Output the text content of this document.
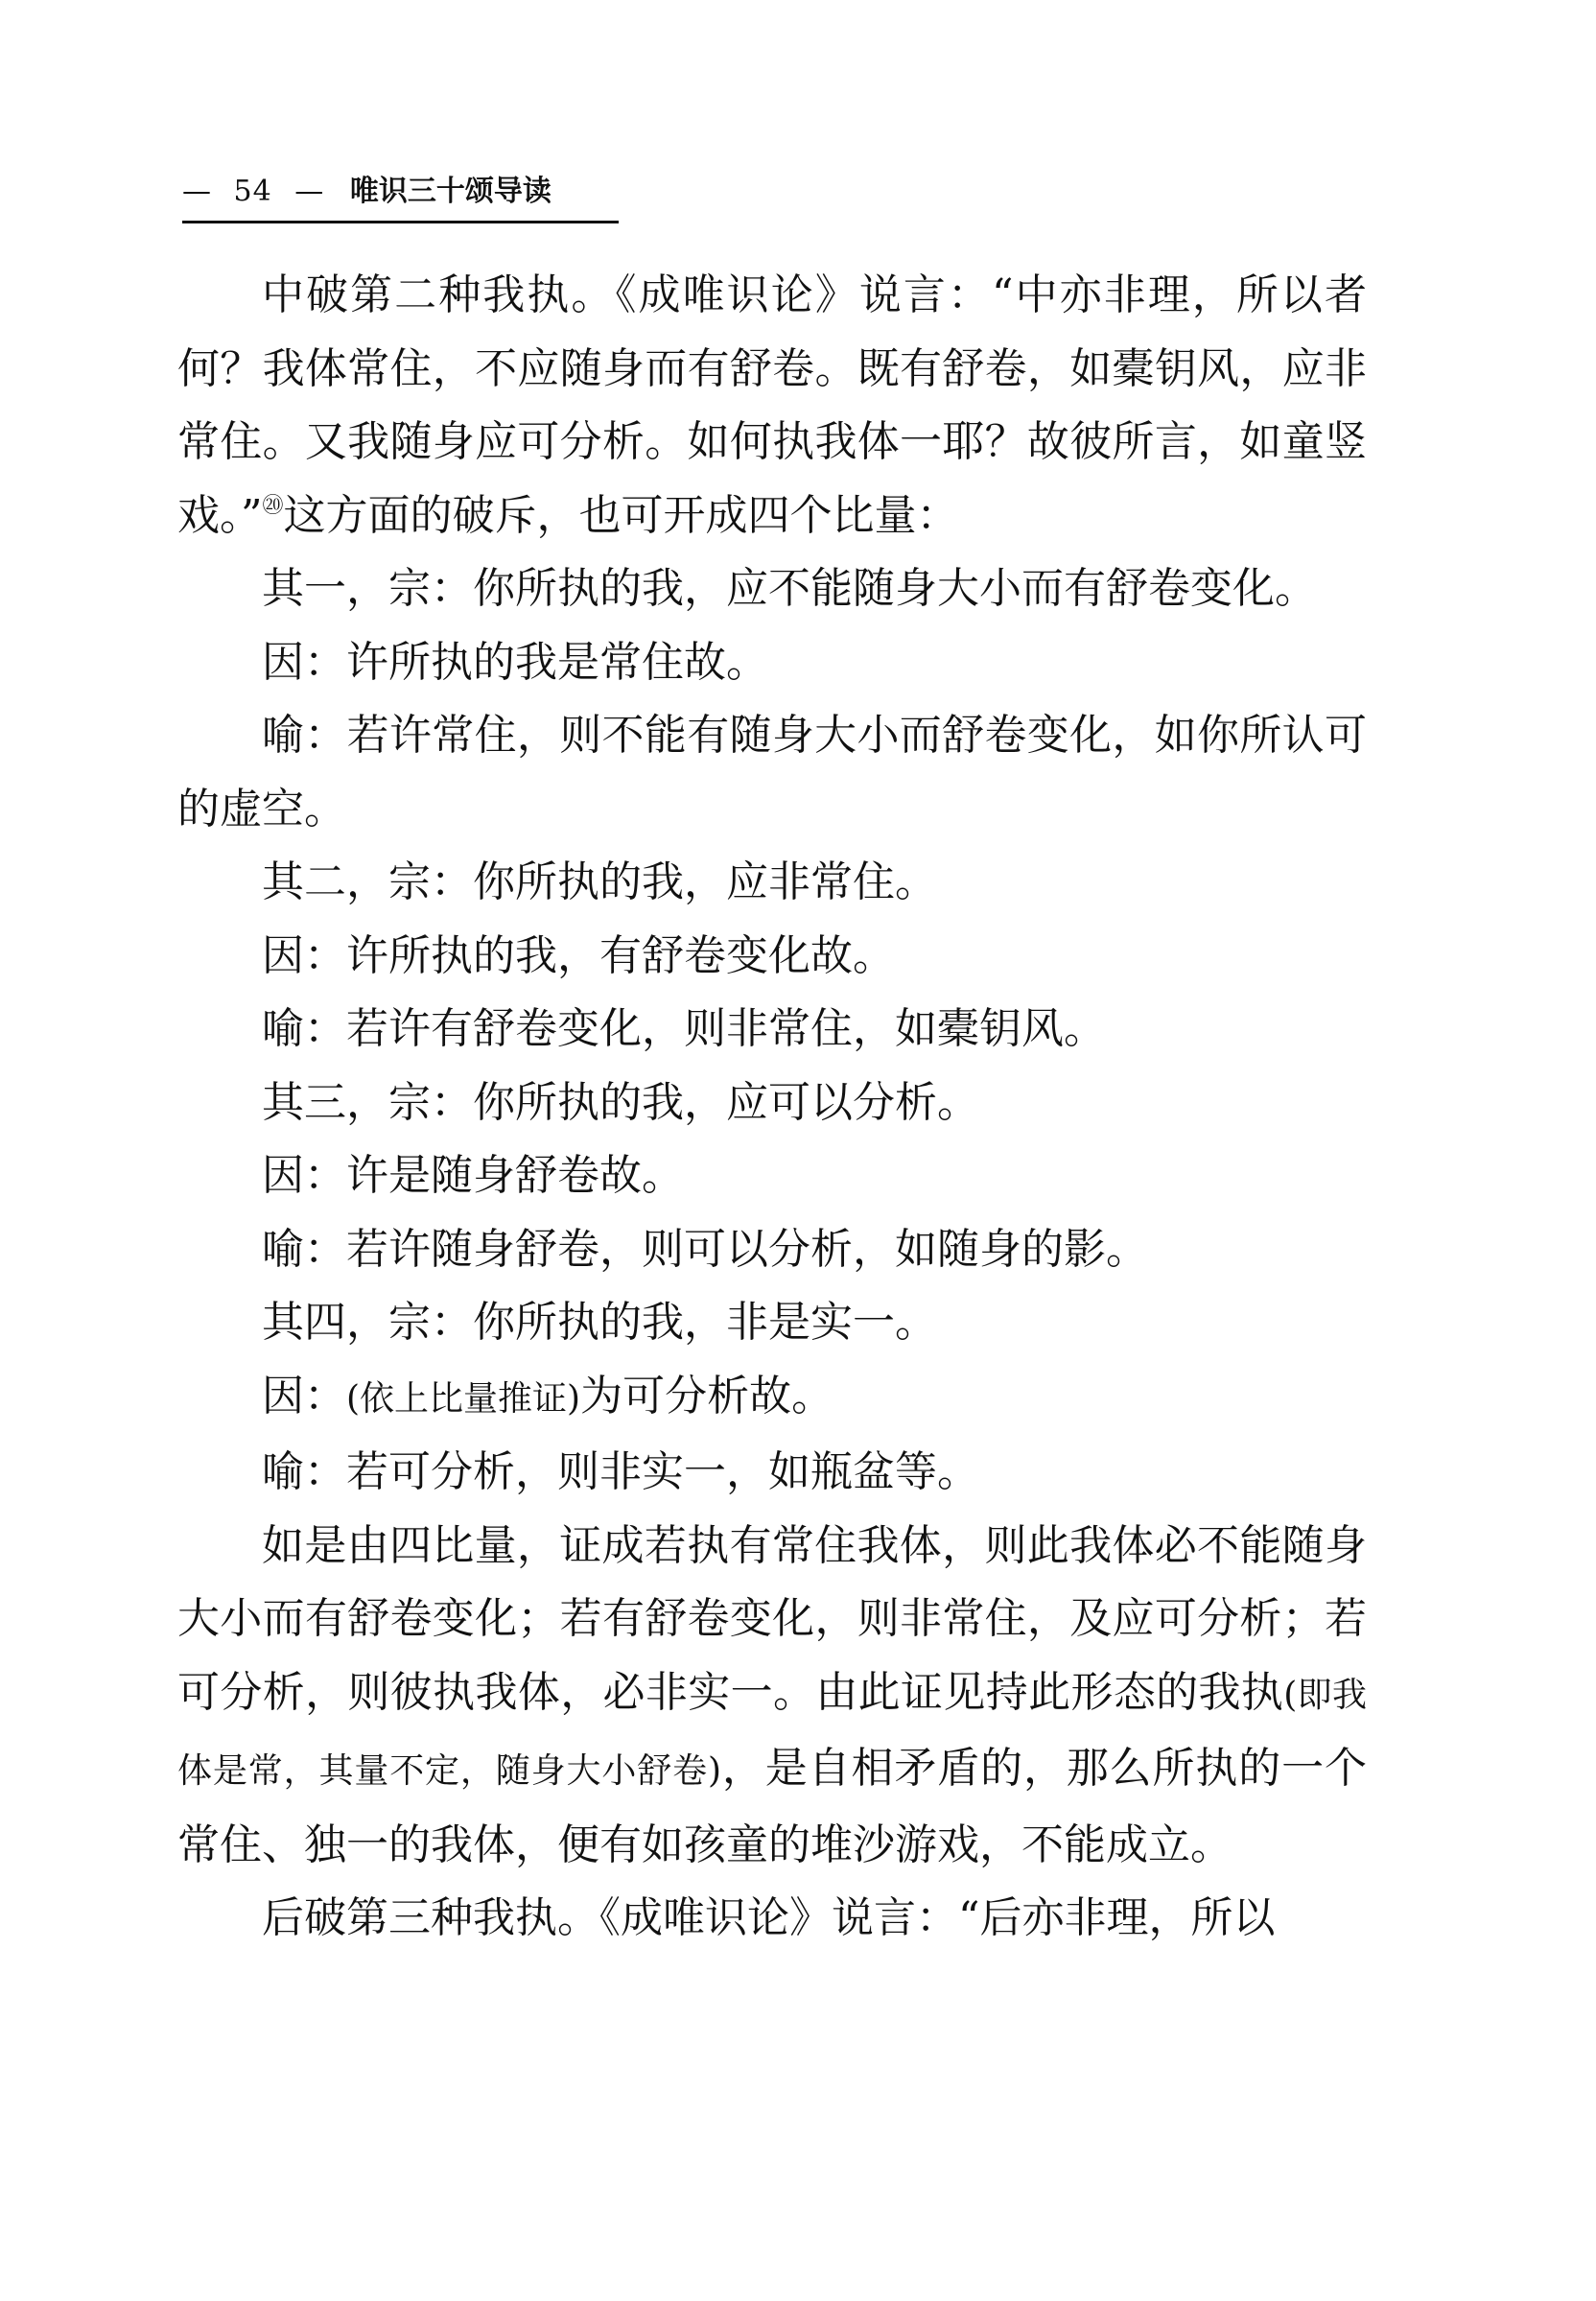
— 54 — 唯识三十颂导读

中破第二种我执。《成唯识论》说言：“中亦非理，所以者何？我体常住，不应随身而有舒卷。既有舒卷，如橐钥风，应非常住。又我随身应可分析。如何执我体一耶？故彼所言，如童竖戏。”⑳这方面的破斥，也可开成四个比量：

其一，宗：你所执的我，应不能随身大小而有舒卷变化。

因：许所执的我是常住故。

喻：若许常住，则不能有随身大小而舒卷变化，如你所认可的虚空。

其二，宗：你所执的我，应非常住。

因：许所执的我，有舒卷变化故。

喻：若许有舒卷变化，则非常住，如橐钥风。

其三，宗：你所执的我，应可以分析。

因：许是随身舒卷故。

喻：若许随身舒卷，则可以分析，如随身的影。

其四，宗：你所执的我，非是实一。

因：(依上比量推证)为可分析故。

喻：若可分析，则非实一，如瓶盆等。

如是由四比量，证成若执有常住我体，则此我体必不能随身大小而有舒卷变化；若有舒卷变化，则非常住，及应可分析；若可分析，则彼执我体，必非实一。由此证见持此形态的我执(即我体是常，其量不定，随身大小舒卷)，是自相矛盾的，那么所执的一个常住、独一的我体，便有如孩童的堆沙游戏，不能成立。

后破第三种我执。《成唯识论》说言：“后亦非理，所以
